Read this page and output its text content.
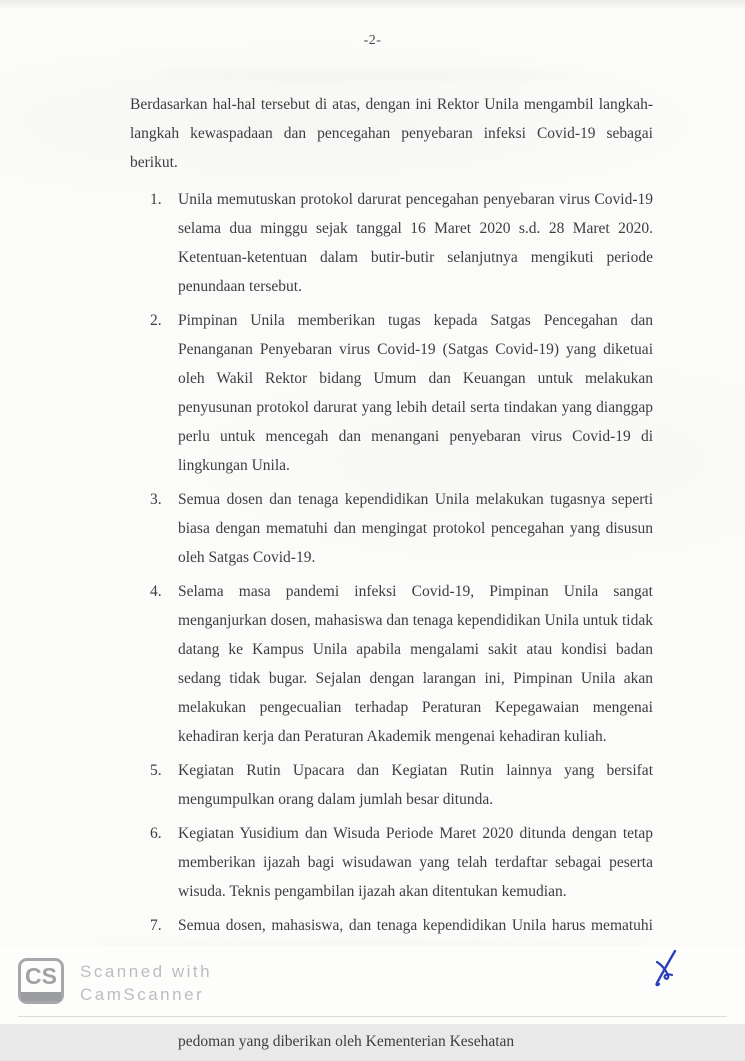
-2-

Berdasarkan hal-hal tersebut di atas, dengan ini Rektor Unila mengambil langkah-langkah kewaspadaan dan pencegahan penyebaran infeksi Covid-19 sebagai berikut.

1.	Unila memutuskan protokol darurat pencegahan penyebaran virus Covid-19 selama dua minggu sejak tanggal 16 Maret 2020 s.d. 28 Maret 2020. Ketentuan-ketentuan dalam butir-butir selanjutnya mengikuti periode penundaan tersebut.
2.	Pimpinan Unila memberikan tugas kepada Satgas Pencegahan dan Penanganan Penyebaran virus Covid-19 (Satgas Covid-19) yang diketuai oleh Wakil Rektor bidang Umum dan Keuangan untuk melakukan penyusunan protokol darurat yang lebih detail serta tindakan yang dianggap perlu untuk mencegah dan menangani penyebaran virus Covid-19 di lingkungan Unila.
3.	Semua dosen dan tenaga kependidikan Unila melakukan tugasnya seperti biasa dengan mematuhi dan mengingat protokol pencegahan yang disusun oleh Satgas Covid-19.
4.	Selama masa pandemi infeksi Covid-19, Pimpinan Unila sangat menganjurkan dosen, mahasiswa dan tenaga kependidikan Unila untuk tidak datang ke Kampus Unila apabila mengalami sakit atau kondisi badan sedang tidak bugar. Sejalan dengan larangan ini, Pimpinan Unila akan melakukan pengecualian terhadap Peraturan Kepegawaian mengenai kehadiran kerja dan Peraturan Akademik mengenai kehadiran kuliah.
5.	Kegiatan Rutin Upacara dan Kegiatan Rutin lainnya yang bersifat mengumpulkan orang dalam jumlah besar ditunda.
6.	Kegiatan Yusidium dan Wisuda Periode Maret 2020 ditunda dengan tetap memberikan ijazah bagi wisudawan yang telah terdaftar sebagai peserta wisuda. Teknis pengambilan ijazah akan ditentukan kemudian.
7.	Semua dosen, mahasiswa, dan tenaga kependidikan Unila harus mematuhi pedoman yang diberikan oleh Kementerian Kesehatan
CS Scanned with
CamScanner
